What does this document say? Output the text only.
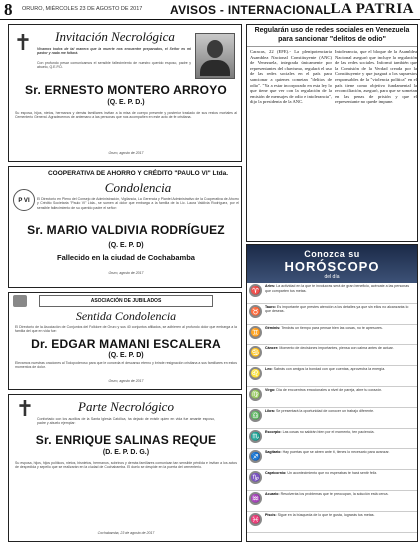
8 ORURO, MIÉRCOLES 23 DE AGOSTO DE 2017 AVISOS - INTERNACIONAL LA PATRIA
✝	Invitación Necrológica
Vivamos todos de tal manera que la muerte nos encuentre preparados, el Señor es mi pastor y nada me faltará.
Con profundo pesar comunicamos el sensible fallecimiento de nuestro querido esposo, padre y abuelo, Q.E.P.D.
Sr. ERNESTO MONTERO ARROYO
(Q. E. P. D.)
Su esposa, hijos, nietos, hermanos y demás familiares invitan a la misa de cuerpo presente y posterior traslado de sus restos mortales al Cementerio General. Agradecemos de antemano a las personas que nos acompañen en este acto de fe cristiana.
Oruro, agosto de 2017
P VI
COOPERATIVA DE AHORRO Y CRÉDITO "PAULO VI" Ltda.
Condolencia
El Directorio en Pleno del Consejo de Administración, Vigilancia, La Gerencia y Plantel Administrativo de la Cooperativa de Ahorro y Crédito Societaria "Paulo VI" Ltda., se sumen al dolor que embarga a la familia de la Lic. Laura Valdivia Rodríguez, por el sensible fallecimiento de su querido padre el señor:
Sr. MARIO VALDIVIA RODRÍGUEZ
(Q. E. P. D)
Fallecido en la ciudad de Cochabamba
Oruro, agosto de 2017
ASOCIACIÓN DE JUBILADOS
Sentida Condolencia
El Directorio de la Asociación de Conjuntos del Folklore de Oruro y sus 40 conjuntos afiliados, se adhieren al profundo dolor que embarga a la familia del que en vida fue:
Dr. EDGAR MAMANI ESCALERA
(Q. E. P. D)
Elevamos nuestras oraciones al Todopoderoso para que le conceda el descanso eterno y brinde resignación cristiana a sus familiares en estos momentos de dolor.
Oruro, agosto de 2017
✝	Parte Necrológico
Confortado con los auxilios de la Santa Iglesia Católica, ha dejado de existir quien en vida fue amante esposo, padre y abuelo ejemplar:
Sr. ENRIQUE SALINAS REQUE
(D. E. P. D. G.)
Su esposa, hijos, hijos políticos, nietos, bisnietos, hermanos, sobrinos y demás familiares comunican tan sensible pérdida e invitan a los actos de despedida y sepelio que se realizarán en la ciudad de Cochabamba. El duelo se despide en la puerta del cementerio.
Cochabamba, 23 de agosto de 2017
Regularán uso de redes sociales en Venezuela para sancionar "delitos de odio"
Caracas, 22 (EFE).- La plenipotenciaria Asamblea Nacional Constituyente (ANC) de Venezuela, integrada únicamente por representantes del chavismo, regulará el uso de las redes sociales en el país para sancionar a quienes cometan "delitos de odio". "Ya a estar incorporado en esta ley lo que tiene que ver con la regulación de la emisión de mensajes de odio e intolerancia", dijo la presidenta de la ANC.
Intolerancia, que el bloque de la Asamblea Nacional aseguró que incluye la regulación de las redes sociales. Informó también que la Comisión de la Verdad creada por la Constituyente y que juzgará a los supuestos responsables de la "violencia política" en el país tiene como objetivo fundamental la reconciliación, aseguró, para que se sometan en las penas de prisión y que el representante no quede impune.
Conozca su
HORÓSCOPO
del día
♈	Aries: La actividad en la que te involucras será de gran beneficio, acércate a las personas que comparten tus metas.
♉	Tauro: Es importante que prestes atención a los detalles ya que sin ellos no alcanzarás lo que deseas.
♊	Géminis: Tendrás un tiempo para pensar bien las cosas, no te apresures.
♋	Cáncer: Momento de decisiones importantes, piensa con calma antes de actuar.
♌	Leo: Sabrás con amigos la bondad con que cuentas, aprovecha la energía.
♍	Virgo: Día de encuentros emocionales a nivel de pareja, abre tu corazón.
♎	Libra: Se presentará la oportunidad de conocer un trabajo diferente.
♏	Escorpio: Las cosas no saldrán bien por el momento, ten paciencia.
♐	Sagitario: Hay puertas que se abren ante ti, tienes lo necesario para avanzar.
♑	Capricornio: Un acontecimiento que no esperabas te hará sentir feliz.
♒	Acuario: Resolverás los problemas que te preocupan, la solución está cerca.
♓	Piscis: Sigue en la búsqueda de lo que te gusta, lograrás tus metas.
